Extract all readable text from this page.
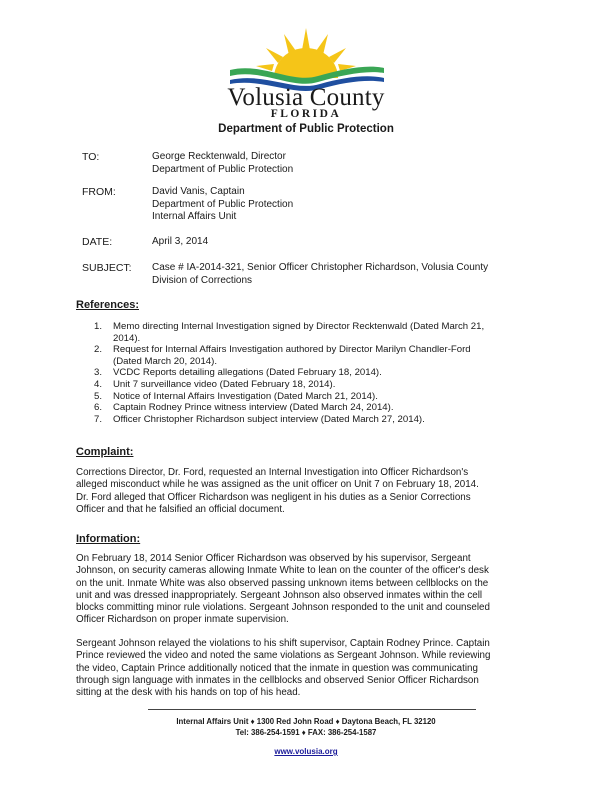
Volusia County
FLORIDA
Department of Public Protection
TO:	George Recktenwald, Director
Department of Public Protection
FROM:	David Vanis, Captain
Department of Public Protection
Internal Affairs Unit
DATE:	April 3, 2014
SUBJECT: Case # IA-2014-321, Senior Officer Christopher Richardson, Volusia County
Division of Corrections
References:
1.	Memo directing Internal Investigation signed by Director Recktenwald (Dated March 21,
2014).
2.	Request for Internal Affairs Investigation authored by Director Marilyn Chandler-Ford
(Dated March 20, 2014).
3.	VCDC Reports detailing allegations (Dated February 18, 2014).
4.	Unit 7 surveillance video (Dated February 18, 2014).
5.	Notice of Internal Affairs Investigation (Dated March 21, 2014).
6.	Captain Rodney Prince witness interview (Dated March 24, 2014).
7.	Officer Christopher Richardson subject interview (Dated March 27, 2014).
Complaint:
Corrections Director, Dr. Ford, requested an Internal Investigation into Officer Richardson's
alleged misconduct while he was assigned as the unit officer on Unit 7 on February 18, 2014.
Dr. Ford alleged that Officer Richardson was negligent in his duties as a Senior Corrections
Officer and that he falsified an official document.
Information:
On February 18, 2014 Senior Officer Richardson was observed by his supervisor, Sergeant
Johnson, on security cameras allowing Inmate White to lean on the counter of the officer's desk
on the unit. Inmate White was also observed passing unknown items between cellblocks on the
unit and was dressed inappropriately. Sergeant Johnson also observed inmates within the cell
blocks committing minor rule violations. Sergeant Johnson responded to the unit and counseled
Officer Richardson on proper inmate supervision.
Sergeant Johnson relayed the violations to his shift supervisor, Captain Rodney Prince. Captain
Prince reviewed the video and noted the same violations as Sergeant Johnson. While reviewing
the video, Captain Prince additionally noticed that the inmate in question was communicating
through sign language with inmates in the cellblocks and observed Senior Officer Richardson
sitting at the desk with his hands on top of his head.
Internal Affairs Unit ♦ 1300 Red John Road ♦ Daytona Beach, FL 32120
Tel: 386-254-1591 ♦ FAX: 386-254-1587
www.volusia.org
